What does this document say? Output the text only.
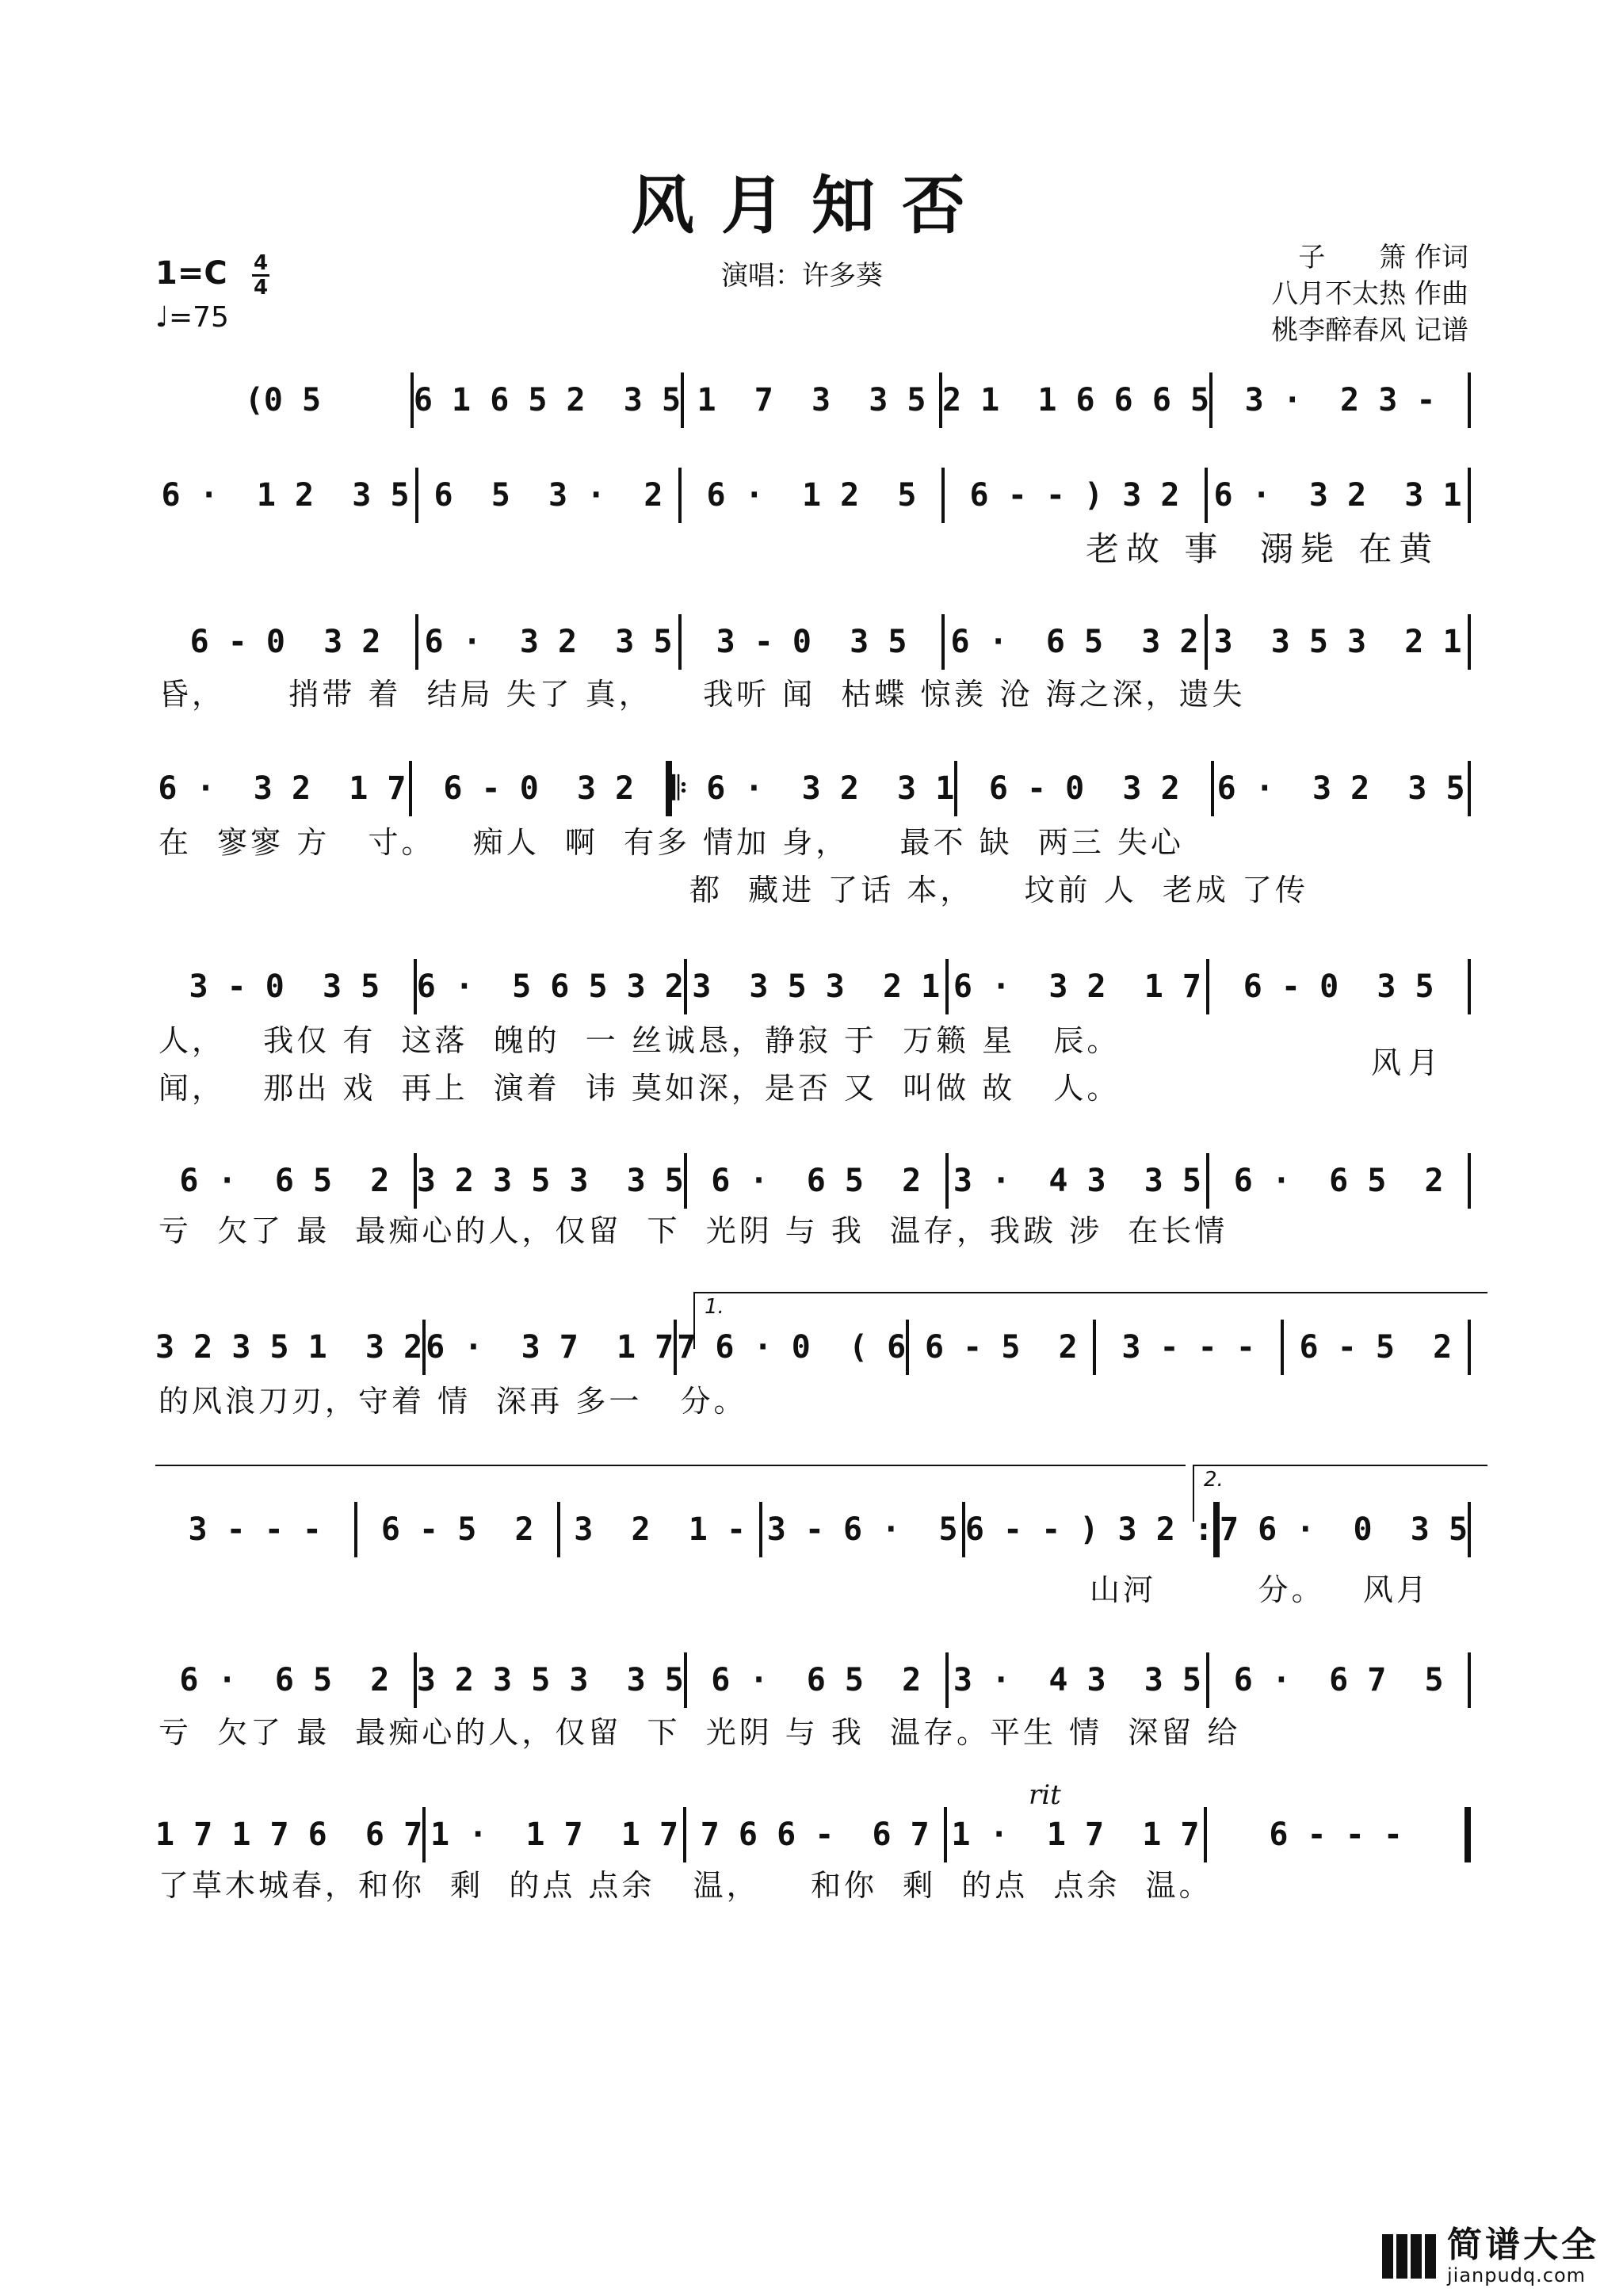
风月知否
1=C 4
4
♩=75
演唱：许多葵
子　　箫 作词
八月不太热 作曲
桃李醉春风 记谱
(0 5	6 1 6 5 2  3 5 1  7  3  3 5 2 1  1 6 6 6 5 3 ·  2 3 -
6 ·  1 2  3 5 6  5  3 ·  2 6 ·  1 2  5 6 - - ) 3 2 6 ·  3 2  3 1
老故 事  溺毙 在黄
6 - 0  3 2 6 ·  3 2  3 5 3 - 0  3 5 6 ·  6 5  3 2 3  3 5 3  2 1
昏，     捎带 着  结局 失了 真，    我听 闻  枯蝶 惊羡 沧 海之深，遗失
6 ·  3 2  1 7 6 - 0  3 2 𝄆 6 ·  3 2  3 1 6 - 0  3 2 6 ·  3 2  3 5
在  寥寥 方   寸。   痴人  啊  有多 情加 身，    最不 缺  两三 失心
都  藏进 了话 本，    坟前 人  老成 了传
3 - 0  3 5 6 ·  5 6 5 3 2 3  3 5 3  2 1 6 ·  3 2  1 7 6 - 0  3 5
人，   我仅 有  这落  魄的  一 丝诚恳，静寂 于  万籁 星   辰。
闻，   那出 戏  再上  演着  讳 莫如深，是否 又  叫做 故   人。
风月
6 ·  6 5  2 3 2 3 5 3  3 5 6 ·  6 5  2 3 ·  4 3  3 5 6 ·  6 5  2
亏  欠了 最  最痴心的人，仅留  下  光阴 与 我  温存，我跋 涉  在长情
1.
3 2 3 5 1  3 2 6 ·  3 7  1 7 7 6 · 0  ( 6 6 - 5  2 3 - - - 6 - 5  2
的风浪刀刃，守着 情  深再 多一   分。
2.
3 - - - 6 - 5  2 3  2  1 - 3 - 6 ·  5 6 - - ) 3 2 : 7 6 ·  0  3 5
山河        分。   风月
6 ·  6 5  2 3 2 3 5 3  3 5 6 ·  6 5  2 3 ·  4 3  3 5 6 ·  6 7  5
亏  欠了 最  最痴心的人，仅留  下  光阴 与 我  温存。平生 情  深留 给
rit
1 7 1 7 6  6 7 1 ·  1 7  1 7 7 6 6 -  6 7 1 ·  1 7  1 7 6 - - -
了草木城春，和你  剩  的点 点余   温，    和你  剩  的点  点余  温。
简谱大全
jianpudq.com
